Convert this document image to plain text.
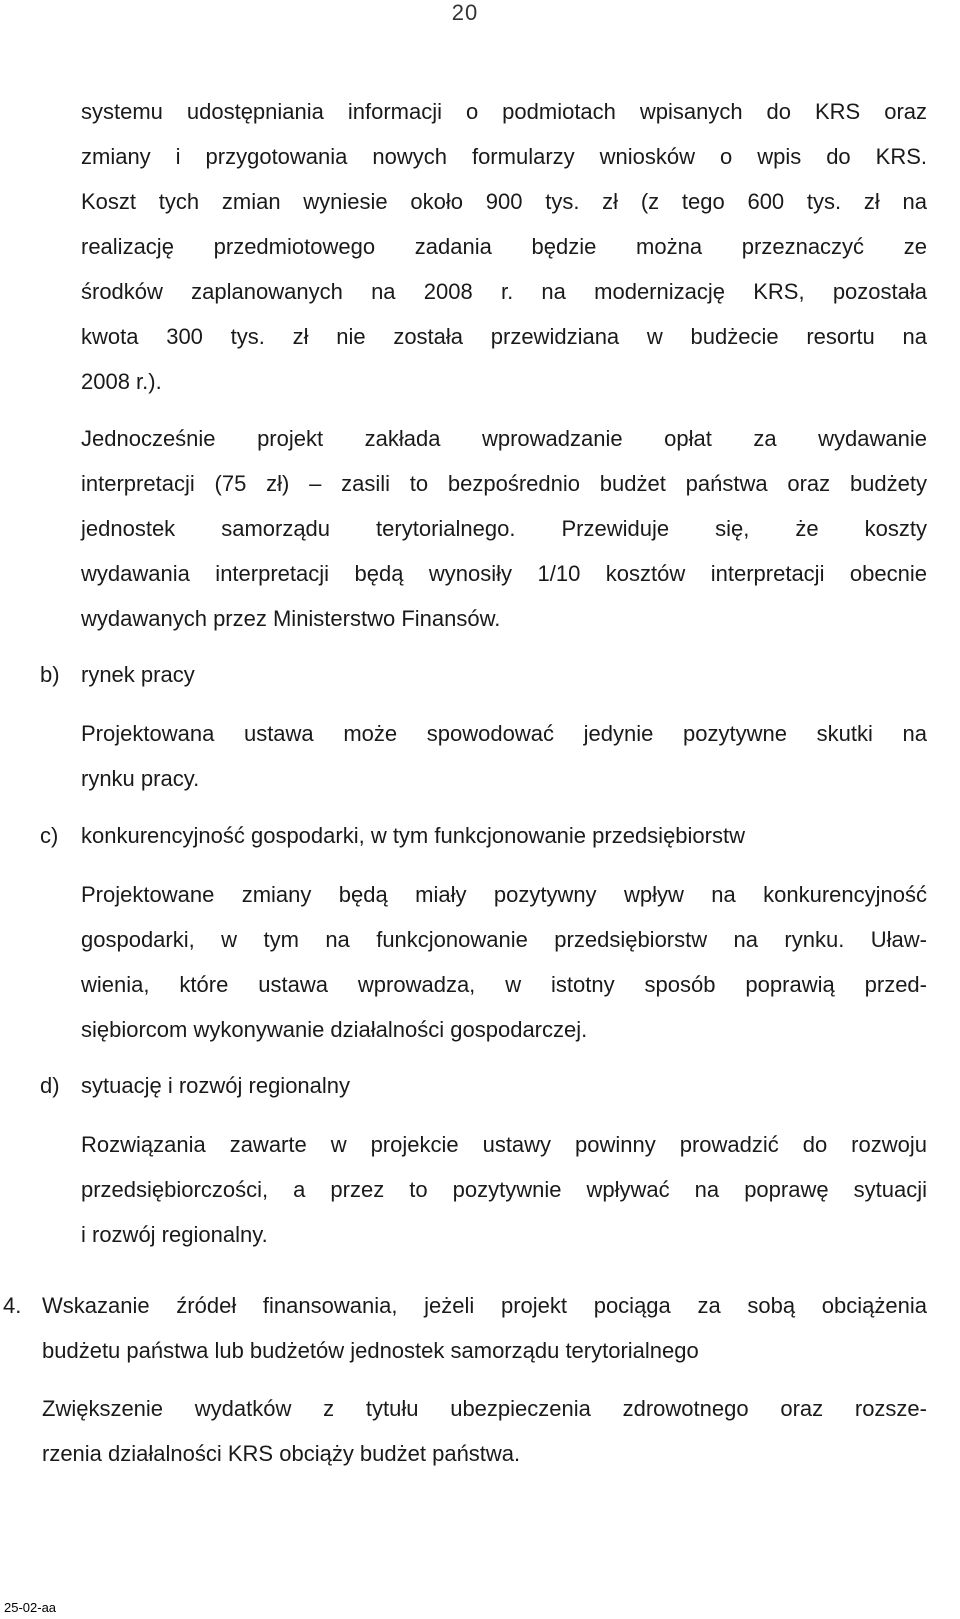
20
systemu udostępniania informacji o podmiotach wpisanych do KRS oraz
zmiany i przygotowania nowych formularzy wniosków o wpis do KRS.
Koszt tych zmian wyniesie około 900 tys. zł (z tego 600 tys. zł na
realizację przedmiotowego zadania będzie można przeznaczyć ze
środków zaplanowanych na 2008 r. na modernizację KRS, pozostała
kwota 300 tys. zł nie została przewidziana w budżecie resortu na
2008 r.).
Jednocześnie projekt zakłada wprowadzanie opłat za wydawanie
interpretacji (75 zł) – zasili to bezpośrednio budżet państwa oraz budżety
jednostek samorządu terytorialnego. Przewiduje się, że koszty
wydawania interpretacji będą wynosiły 1/10 kosztów interpretacji obecnie
wydawanych przez Ministerstwo Finansów.
b) rynek pracy
Projektowana ustawa może spowodować jedynie pozytywne skutki na
rynku pracy.
c) konkurencyjność gospodarki, w tym funkcjonowanie przedsiębiorstw
Projektowane zmiany będą miały pozytywny wpływ na konkurencyjność
gospodarki, w tym na funkcjonowanie przedsiębiorstw na rynku. Uław-
wienia, które ustawa wprowadza, w istotny sposób poprawią przed-
siębiorcom wykonywanie działalności gospodarczej.
d) sytuację i rozwój regionalny
Rozwiązania zawarte w projekcie ustawy powinny prowadzić do rozwoju
przedsiębiorczości, a przez to pozytywnie wpływać na poprawę sytuacji
i rozwój regionalny.
4. Wskazanie źródeł finansowania, jeżeli projekt pociąga za sobą obciążenia
budżetu państwa lub budżetów jednostek samorządu terytorialnego
Zwiększenie wydatków z tytułu ubezpieczenia zdrowotnego oraz rozsze-
rzenia działalności KRS obciąży budżet państwa.
25-02-aa
